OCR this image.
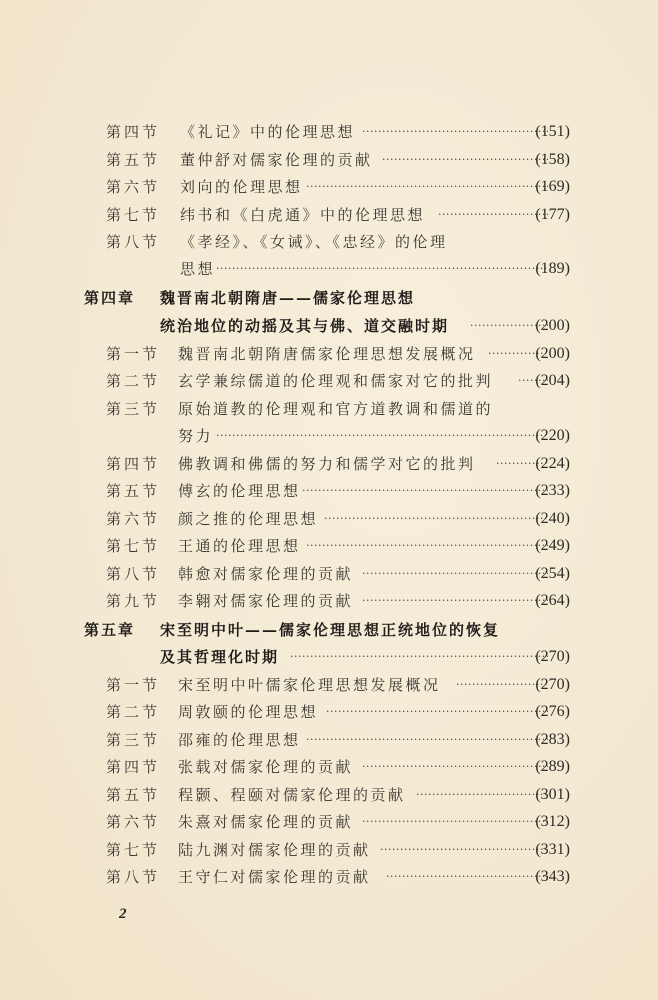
第四节 《礼记》中的伦理思想 ·····	(151)
第五节 董仲舒对儒家伦理的贡献 ·····	(158)
第六节 刘向的伦理思想 ·····	(169)
第七节 纬书和《白虎通》中的伦理思想 ·····	(177)
第八节 《孝经》、《女诫》、《忠经》的伦理
思想 ·····	(189)
第四章 魏晋南北朝隋唐——儒家伦理思想
统治地位的动摇及其与佛、道交融时期 ·····	(200)
第一节 魏晋南北朝隋唐儒家伦理思想发展概况 ·····	(200)
第二节 玄学兼综儒道的伦理观和儒家对它的批判 ·····	(204)
第三节 原始道教的伦理观和官方道教调和儒道的
努力 ·····	(220)
第四节 佛教调和佛儒的努力和儒学对它的批判 ·····	(224)
第五节 傅玄的伦理思想 ·····	(233)
第六节 颜之推的伦理思想 ·····	(240)
第七节 王通的伦理思想 ·····	(249)
第八节 韩愈对儒家伦理的贡献 ·····	(254)
第九节 李翱对儒家伦理的贡献 ·····	(264)
第五章 宋至明中叶——儒家伦理思想正统地位的恢复
及其哲理化时期 ·····	(270)
第一节 宋至明中叶儒家伦理思想发展概况 ·····	(270)
第二节 周敦颐的伦理思想 ·····	(276)
第三节 邵雍的伦理思想 ·····	(283)
第四节 张载对儒家伦理的贡献 ·····	(289)
第五节 程颢、程颐对儒家伦理的贡献 ·····	(301)
第六节 朱熹对儒家伦理的贡献 ·····	(312)
第七节 陆九渊对儒家伦理的贡献 ·····	(331)
第八节 王守仁对儒家伦理的贡献 ·····	(343)
2
